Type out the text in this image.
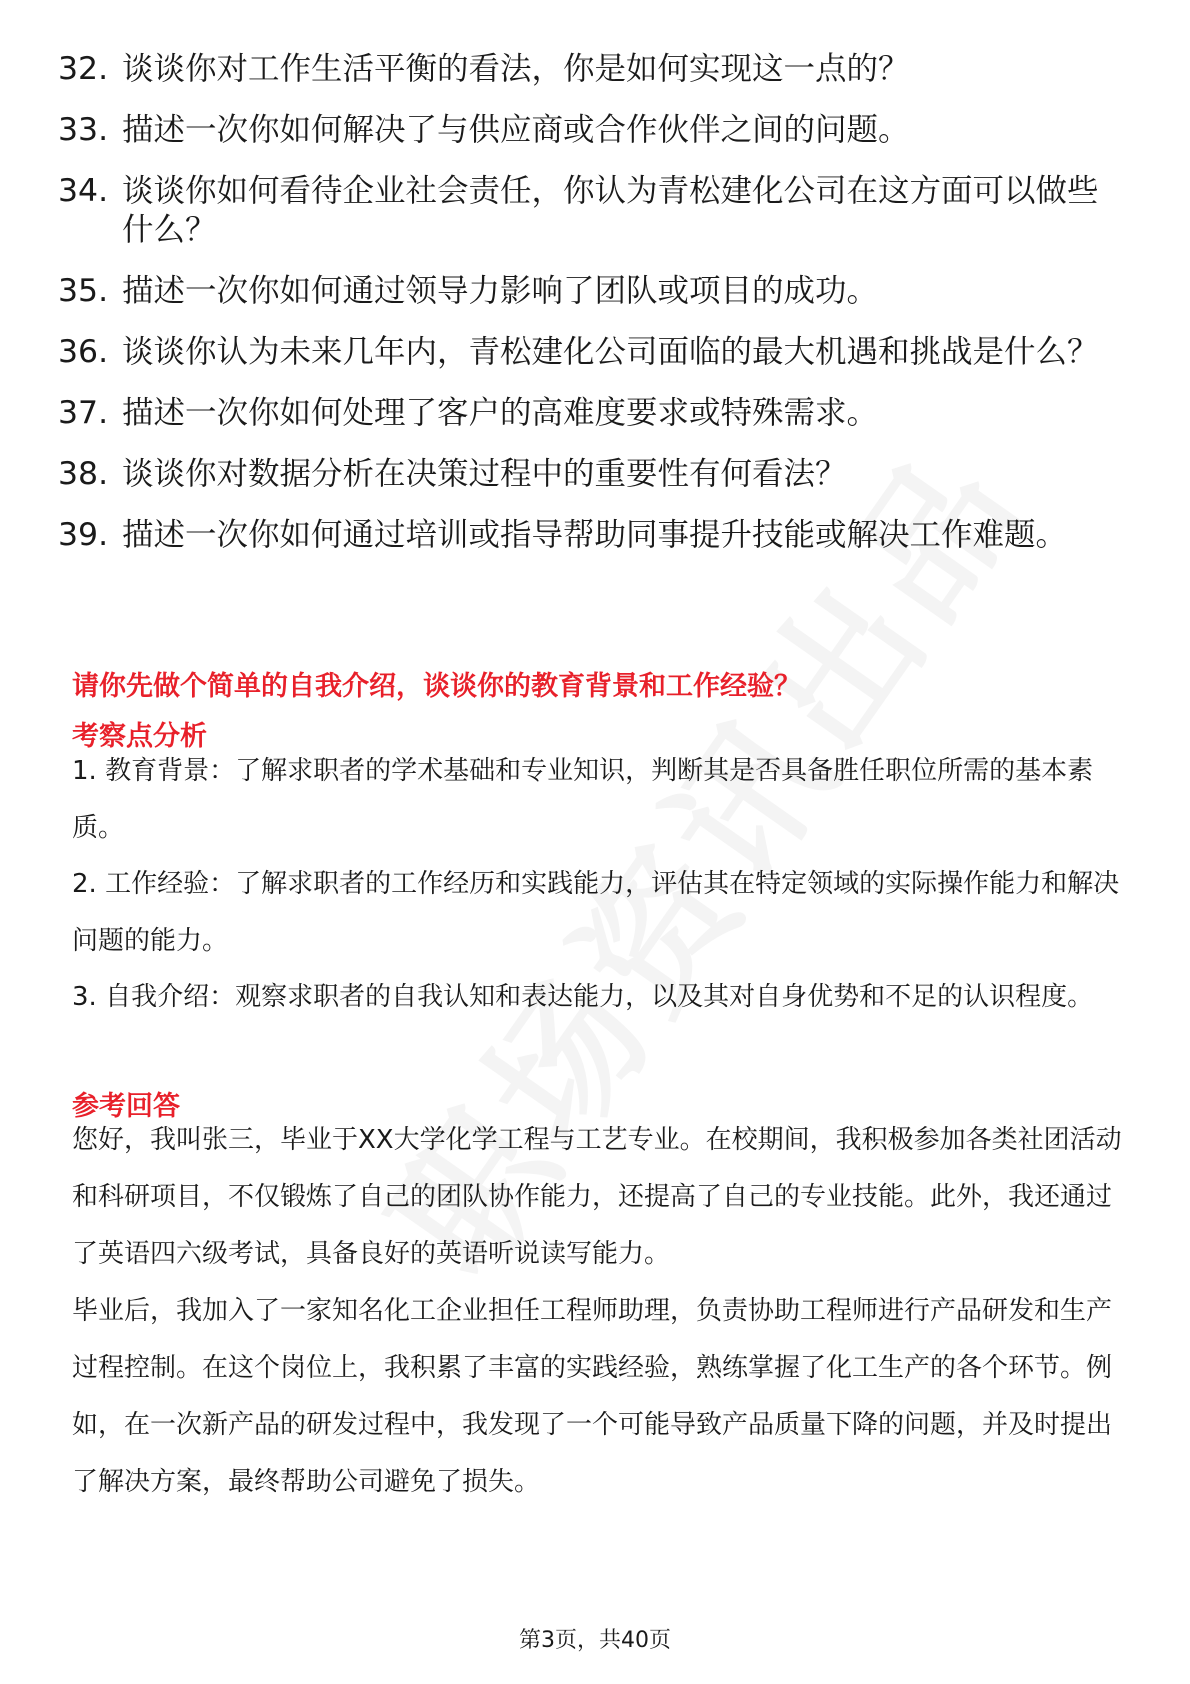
32. 谈谈你对工作生活平衡的看法，你是如何实现这一点的？
33. 描述一次你如何解决了与供应商或合作伙伴之间的问题。
34. 谈谈你如何看待企业社会责任，你认为青松建化公司在这方面可以做些什么？
35. 描述一次你如何通过领导力影响了团队或项目的成功。
36. 谈谈你认为未来几年内，青松建化公司面临的最大机遇和挑战是什么？
37. 描述一次你如何处理了客户的高难度要求或特殊需求。
38. 谈谈你对数据分析在决策过程中的重要性有何看法？
39. 描述一次你如何通过培训或指导帮助同事提升技能或解决工作难题。
请你先做个简单的自我介绍，谈谈你的教育背景和工作经验？
考察点分析

1. 教育背景：了解求职者的学术基础和专业知识，判断其是否具备胜任职位所需的基本素质。

2. 工作经验：了解求职者的工作经历和实践能力，评估其在特定领域的实际操作能力和解决问题的能力。

3. 自我介绍：观察求职者的自我认知和表达能力，以及其对自身优势和不足的认识程度。

参考回答

您好，我叫张三，毕业于XX大学化学工程与工艺专业。在校期间，我积极参加各类社团活动和科研项目，不仅锻炼了自己的团队协作能力，还提高了自己的专业技能。此外，我还通过了英语四六级考试，具备良好的英语听说读写能力。

毕业后，我加入了一家知名化工企业担任工程师助理，负责协助工程师进行产品研发和生产过程控制。在这个岗位上，我积累了丰富的实践经验，熟练掌握了化工生产的各个环节。例如，在一次新产品的研发过程中，我发现了一个可能导致产品质量下降的问题，并及时提出了解决方案，最终帮助公司避免了损失。

第3页，共40页
